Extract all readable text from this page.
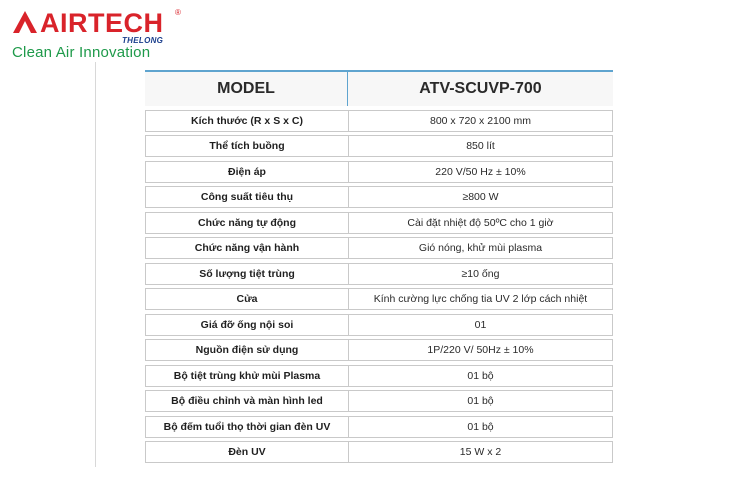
AIRTECH ®
THELONG
Clean Air Innovation
MODEL	ATV-SCUVP-700
Kích thước (R x S x C)	800 x 720 x 2100 mm
Thể tích buồng	850 lít
Điện áp	220 V/50 Hz ± 10%
Công suất tiêu thụ	≥800 W
Chức năng tự động	Cài đặt nhiệt độ 50ºC cho 1 giờ
Chức năng vận hành	Gió nóng, khử mùi plasma
Số lượng tiệt trùng	≥10 ống
Cửa	Kính cường lực chống tia UV 2 lớp cách nhiệt
Giá đỡ ống nội soi	01
Nguồn điện sử dụng	1P/220 V/ 50Hz ± 10%
Bộ tiệt trùng khử mùi Plasma	01 bộ
Bộ điều chỉnh và màn hình led	01 bộ
Bộ đếm tuổi thọ thời gian đèn UV	01 bộ
Đèn UV	15 W x 2
